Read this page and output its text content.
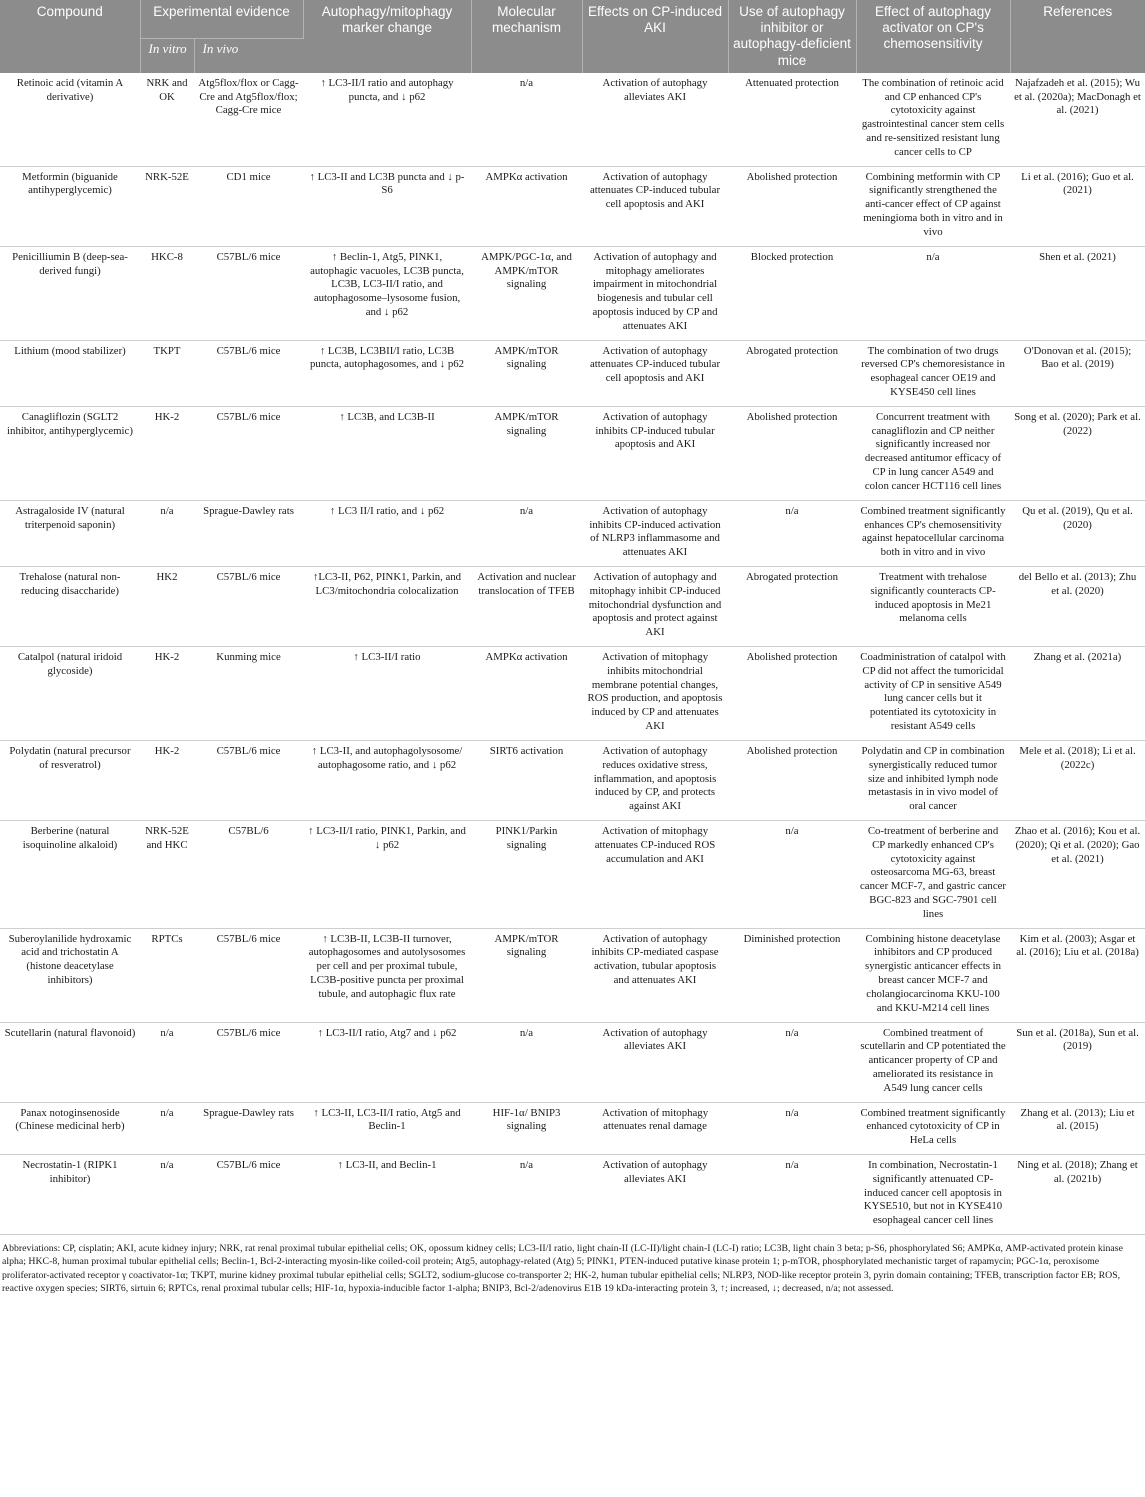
Compound	Experimental evidence		Autophagy/mitophagy marker change	Molecular mechanism	Effects on CP-induced AKI	Use of autophagy inhibitor or autophagy-deficient mice	Effect of autophagy activator on CP's chemosensitivity	References
	In vitro	In vivo						
Retinoic acid (vitamin A derivative)	NRK and OK	Atg5flox/flox or Cagg-Cre and Atg5flox/flox; Cagg-Cre mice	↑ LC3-II/I ratio and autophagy puncta, and ↓ p62	n/a	Activation of autophagy alleviates AKI	Attenuated protection	The combination of retinoic acid and CP enhanced CP's cytotoxicity against gastrointestinal cancer stem cells and re-sensitized resistant lung cancer cells to CP	Najafzadeh et al. (2015); Wu et al. (2020a); MacDonagh et al. (2021)
Metformin (biguanide antihyperglycemic)	NRK-52E	CD1 mice	↑ LC3-II and LC3B puncta and ↓ p-S6	AMPKα activation	Activation of autophagy attenuates CP-induced tubular cell apoptosis and AKI	Abolished protection	Combining metformin with CP significantly strengthened the anti-cancer effect of CP against meningioma both in vitro and in vivo	Li et al. (2016); Guo et al. (2021)
Penicilliumin B (deep-sea-derived fungi)	HKC-8	C57BL/6 mice	↑ Beclin-1, Atg5, PINK1, autophagic vacuoles, LC3B puncta, LC3B, LC3-II/I ratio, and autophagosome–lysosome fusion, and ↓ p62	AMPK/PGC-1α, and AMPK/mTOR signaling	Activation of autophagy and mitophagy ameliorates impairment in mitochondrial biogenesis and tubular cell apoptosis induced by CP and attenuates AKI	Blocked protection	n/a	Shen et al. (2021)
Lithium (mood stabilizer)	TKPT	C57BL/6 mice	↑ LC3B, LC3BII/I ratio, LC3B puncta, autophagosomes, and ↓ p62	AMPK/mTOR signaling	Activation of autophagy attenuates CP-induced tubular cell apoptosis and AKI	Abrogated protection	The combination of two drugs reversed CP's chemoresistance in esophageal cancer OE19 and KYSE450 cell lines	O'Donovan et al. (2015); Bao et al. (2019)
Canagliflozin (SGLT2 inhibitor, antihyperglycemic)	HK-2	C57BL/6 mice	↑ LC3B, and LC3B-II	AMPK/mTOR signaling	Activation of autophagy inhibits CP-induced tubular apoptosis and AKI	Abolished protection	Concurrent treatment with canagliflozin and CP neither significantly increased nor decreased antitumor efficacy of CP in lung cancer A549 and colon cancer HCT116 cell lines	Song et al. (2020); Park et al. (2022)
Astragaloside IV (natural triterpenoid saponin)	n/a	Sprague-Dawley rats	↑ LC3 II/I ratio, and ↓ p62	n/a	Activation of autophagy inhibits CP-induced activation of NLRP3 inflammasome and attenuates AKI	n/a	Combined treatment significantly enhances CP's chemosensitivity against hepatocellular carcinoma both in vitro and in vivo	Qu et al. (2019), Qu et al. (2020)
Trehalose (natural non-reducing disaccharide)	HK2	C57BL/6 mice	↑LC3-II, P62, PINK1, Parkin, and LC3/mitochondria colocalization	Activation and nuclear translocation of TFEB	Activation of autophagy and mitophagy inhibit CP-induced mitochondrial dysfunction and apoptosis and protect against AKI	Abrogated protection	Treatment with trehalose significantly counteracts CP-induced apoptosis in Me21 melanoma cells	del Bello et al. (2013); Zhu et al. (2020)
Catalpol (natural iridoid glycoside)	HK-2	Kunming mice	↑ LC3-II/I ratio	AMPKα activation	Activation of mitophagy inhibits mitochondrial membrane potential changes, ROS production, and apoptosis induced by CP and attenuates AKI	Abolished protection	Coadministration of catalpol with CP did not affect the tumoricidal activity of CP in sensitive A549 lung cancer cells but it potentiated its cytotoxicity in resistant A549 cells	Zhang et al. (2021a)
Polydatin (natural precursor of resveratrol)	HK-2	C57BL/6 mice	↑ LC3-II, and autophagolysosome/ autophagosome ratio, and ↓ p62	SIRT6 activation	Activation of autophagy reduces oxidative stress, inflammation, and apoptosis induced by CP, and protects against AKI	Abolished protection	Polydatin and CP in combination synergistically reduced tumor size and inhibited lymph node metastasis in in vivo model of oral cancer	Mele et al. (2018); Li et al. (2022c)
Berberine (natural isoquinoline alkaloid)	NRK-52E and HKC	C57BL/6	↑ LC3-II/I ratio, PINK1, Parkin, and ↓ p62	PINK1/Parkin signaling	Activation of mitophagy attenuates CP-induced ROS accumulation and AKI	n/a	Co-treatment of berberine and CP markedly enhanced CP's cytotoxicity against osteosarcoma MG-63, breast cancer MCF-7, and gastric cancer BGC-823 and SGC-7901 cell lines	Zhao et al. (2016); Kou et al. (2020); Qi et al. (2020); Gao et al. (2021)
Suberoylanilide hydroxamic acid and trichostatin A (histone deacetylase inhibitors)	RPTCs	C57BL/6 mice	↑ LC3B-II, LC3B-II turnover, autophagosomes and autolysosomes per cell and per proximal tubule, LC3B-positive puncta per proximal tubule, and autophagic flux rate	AMPK/mTOR signaling	Activation of autophagy inhibits CP-mediated caspase activation, tubular apoptosis and attenuates AKI	Diminished protection	Combining histone deacetylase inhibitors and CP produced synergistic anticancer effects in breast cancer MCF-7 and cholangiocarcinoma KKU-100 and KKU-M214 cell lines	Kim et al. (2003); Asgar et al. (2016); Liu et al. (2018a)
Scutellarin (natural flavonoid)	n/a	C57BL/6 mice	↑ LC3-II/I ratio, Atg7 and ↓ p62	n/a	Activation of autophagy alleviates AKI	n/a	Combined treatment of scutellarin and CP potentiated the anticancer property of CP and ameliorated its resistance in A549 lung cancer cells	Sun et al. (2018a), Sun et al. (2019)
Panax notoginsenoside (Chinese medicinal herb)	n/a	Sprague-Dawley rats	↑ LC3-II, LC3-II/I ratio, Atg5 and Beclin-1	HIF-1α/ BNIP3 signaling	Activation of mitophagy attenuates renal damage	n/a	Combined treatment significantly enhanced cytotoxicity of CP in HeLa cells	Zhang et al. (2013); Liu et al. (2015)
Necrostatin-1 (RIPK1 inhibitor)	n/a	C57BL/6 mice	↑ LC3-II, and Beclin-1	n/a	Activation of autophagy alleviates AKI	n/a	In combination, Necrostatin-1 significantly attenuated CP-induced cancer cell apoptosis in KYSE510, but not in KYSE410 esophageal cancer cell lines	Ning et al. (2018); Zhang et al. (2021b)
Abbreviations: CP, cisplatin; AKI, acute kidney injury; NRK, rat renal proximal tubular epithelial cells; OK, opossum kidney cells; LC3-II/I ratio, light chain-II (LC-II)/light chain-I (LC-I) ratio; LC3B, light chain 3 beta; p-S6, phosphorylated S6; AMPKα, AMP-activated protein kinase alpha; HKC-8, human proximal tubular epithelial cells; Beclin-1, Bcl-2-interacting myosin-like coiled-coil protein; Atg5, autophagy-related (Atg) 5; PINK1, PTEN-induced putative kinase protein 1; p-mTOR, phosphorylated mechanistic target of rapamycin; PGC-1α, peroxisome proliferator-activated receptor γ coactivator-1α; TKPT, murine kidney proximal tubular epithelial cells; SGLT2, sodium-glucose co-transporter 2; HK-2, human tubular epithelial cells; NLRP3, NOD-like receptor protein 3, pyrin domain containing; TFEB, transcription factor EB; ROS, reactive oxygen species; SIRT6, sirtuin 6; RPTCs, renal proximal tubular cells; HIF-1α, hypoxia-inducible factor 1-alpha; BNIP3, Bcl-2/adenovirus E1B 19 kDa-interacting protein 3, ↑; increased, ↓; decreased, n/a; not assessed.
